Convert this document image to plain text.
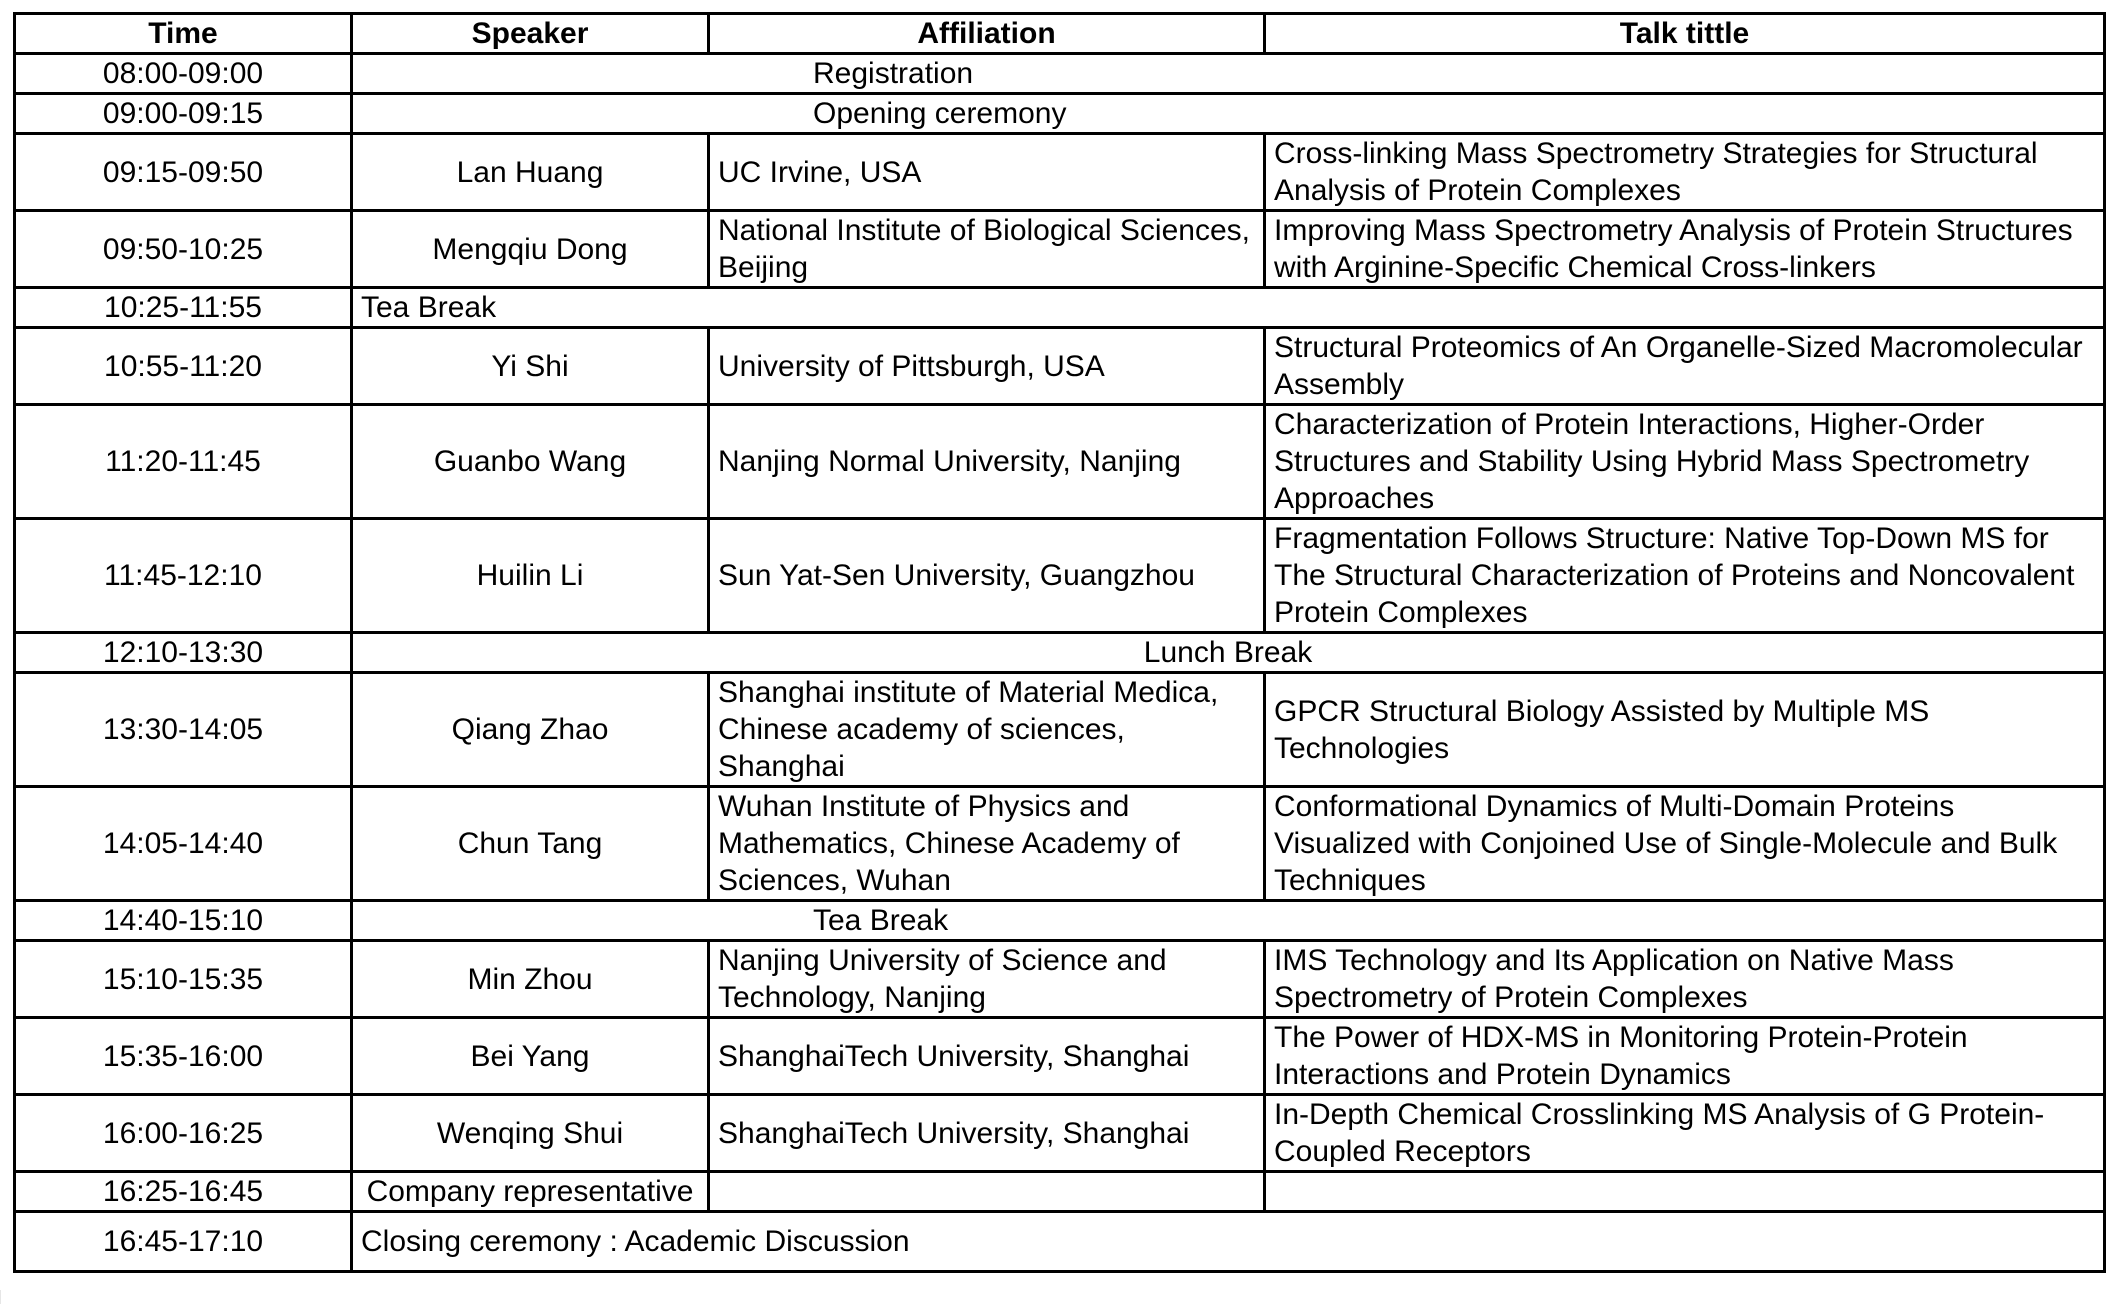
Time	Speaker	Affiliation	Talk tittle
08:00-09:00	Registration		
09:00-09:15	Opening ceremony		
09:15-09:50	Lan Huang	UC Irvine, USA	Cross-linking Mass Spectrometry Strategies for Structural Analysis of Protein Complexes
09:50-10:25	Mengqiu Dong	National Institute of Biological Sciences, Beijing	Improving Mass Spectrometry Analysis of Protein Structures with Arginine-Specific Chemical Cross-linkers
10:25-11:55	Tea Break		
10:55-11:20	Yi Shi	University of Pittsburgh, USA	Structural Proteomics of An Organelle-Sized Macromolecular Assembly
11:20-11:45	Guanbo Wang	Nanjing Normal University, Nanjing	Characterization of Protein Interactions, Higher-Order Structures and Stability Using Hybrid Mass Spectrometry Approaches
11:45-12:10	Huilin Li	Sun Yat-Sen University, Guangzhou	Fragmentation Follows Structure: Native Top-Down MS for The Structural Characterization of Proteins and Noncovalent Protein Complexes
12:10-13:30	Lunch Break		
13:30-14:05	Qiang Zhao	Shanghai institute of Material Medica, Chinese academy of sciences, Shanghai	GPCR Structural Biology Assisted by Multiple MS Technologies
14:05-14:40	Chun Tang	Wuhan Institute of Physics and Mathematics, Chinese Academy of Sciences, Wuhan	Conformational Dynamics of Multi-Domain Proteins Visualized with Conjoined Use of Single-Molecule and Bulk Techniques
14:40-15:10	Tea Break		
15:10-15:35	Min Zhou	Nanjing University of Science and Technology, Nanjing	IMS Technology and Its Application on Native Mass Spectrometry of Protein Complexes
15:35-16:00	Bei Yang	ShanghaiTech University, Shanghai	The Power of HDX-MS in Monitoring Protein-Protein Interactions and Protein Dynamics
16:00-16:25	Wenqing Shui	ShanghaiTech University, Shanghai	In-Depth Chemical Crosslinking MS Analysis of G Protein-Coupled Receptors
16:25-16:45	Company representative		
16:45-17:10	Closing ceremony : Academic Discussion		
